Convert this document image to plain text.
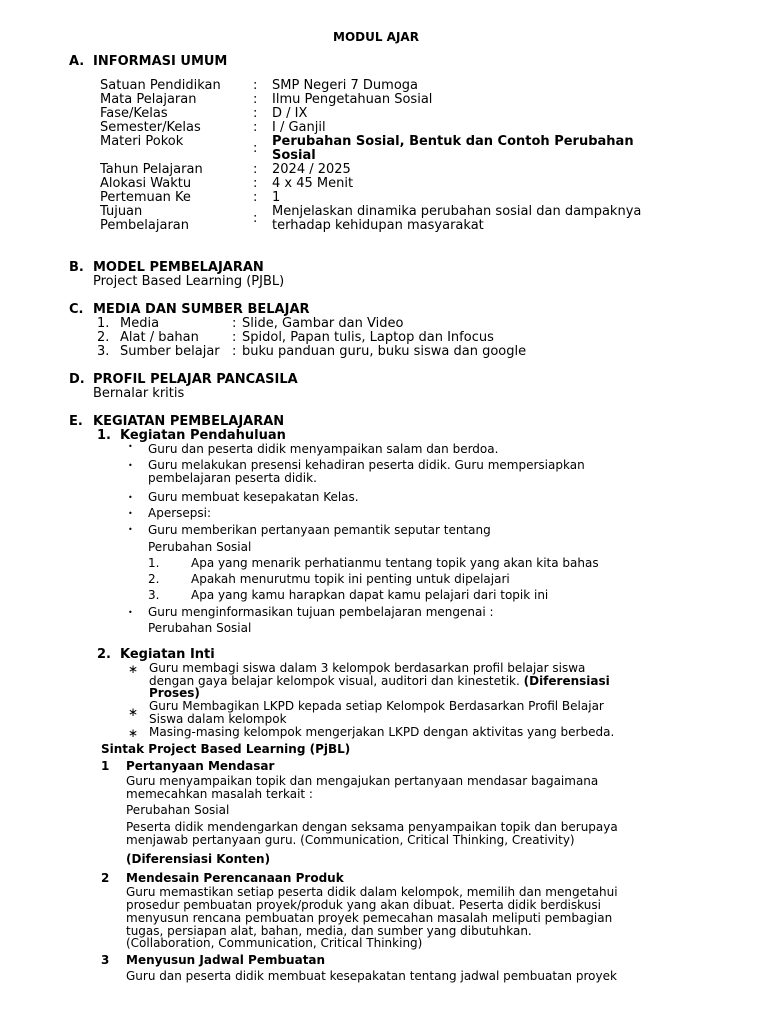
MODUL AJAR
A. INFORMASI UMUM
Satuan Pendidikan : SMP Negeri 7 Dumoga
Mata Pelajaran	: Ilmu Pengetahuan Sosial
Fase/Kelas	: D / IX
Semester/Kelas	: I / Ganjil
Materi Pokok	: Perubahan Sosial, Bentuk dan Contoh Perubahan
Sosial
Tahun Pelajaran	: 2024 / 2025
Alokasi Waktu	: 4 x 45 Menit
Pertemuan Ke	: 1
Tujuan
Pembelajaran	: Menjelaskan dinamika perubahan sosial dan dampaknya
terhadap kehidupan masyarakat
B. MODEL PEMBELAJARAN
Project Based Learning (PJBL)
C. MEDIA DAN SUMBER BELAJAR
1. Media	: Slide, Gambar dan Video
2. Alat / bahan	: Spidol, Papan tulis, Laptop dan Infocus
3. Sumber belajar : buku panduan guru, buku siswa dan google
D. PROFIL PELAJAR PANCASILA
Bernalar kritis
E. KEGIATAN PEMBELAJARAN
1. Kegiatan Pendahuluan
• Guru dan peserta didik menyampaikan salam dan berdoa.
• Guru melakukan presensi kehadiran peserta didik. Guru mempersiapkan
pembelajaran peserta didik.
• Guru membuat kesepakatan Kelas.
• Apersepsi:
• Guru memberikan pertanyaan pemantik seputar tentang
Perubahan Sosial
1.	Apa yang menarik perhatianmu tentang topik yang akan kita bahas
2.	Apakah menurutmu topik ini penting untuk dipelajari
3.	Apa yang kamu harapkan dapat kamu pelajari dari topik ini
• Guru menginformasikan tujuan pembelajaran mengenai :
Perubahan Sosial
2. Kegiatan Inti
∗ Guru membagi siswa dalam 3 kelompok berdasarkan profil belajar siswa
dengan gaya belajar kelompok visual, auditori dan kinestetik. (Diferensiasi
Proses)
∗ Guru Membagikan LKPD kepada setiap Kelompok Berdasarkan Profil Belajar
Siswa dalam kelompok
∗ Masing-masing kelompok mengerjakan LKPD dengan aktivitas yang berbeda.
Sintak Project Based Learning (PjBL)
1 Pertanyaan Mendasar
Guru menyampaikan topik dan mengajukan pertanyaan mendasar bagaimana
memecahkan masalah terkait :
Perubahan Sosial
Peserta didik mendengarkan dengan seksama penyampaikan topik dan berupaya
menjawab pertanyaan guru. (Communication, Critical Thinking, Creativity)
(Diferensiasi Konten)
2 Mendesain Perencanaan Produk
Guru memastikan setiap peserta didik dalam kelompok, memilih dan mengetahui
prosedur pembuatan proyek/produk yang akan dibuat. Peserta didik berdiskusi
menyusun rencana pembuatan proyek pemecahan masalah meliputi pembagian
tugas, persiapan alat, bahan, media, dan sumber yang dibutuhkan.
(Collaboration, Communication, Critical Thinking)
3 Menyusun Jadwal Pembuatan
Guru dan peserta didik membuat kesepakatan tentang jadwal pembuatan proyek
